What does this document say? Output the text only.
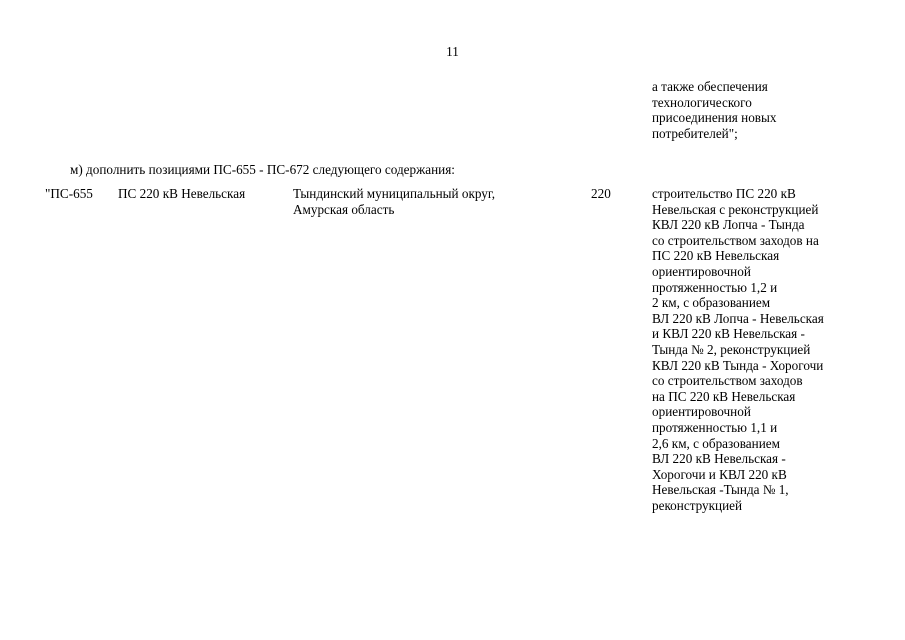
11
а также обеспечения
технологического
присоединения новых
потребителей";
м) дополнить позициями ПС-655 - ПС-672 следующего содержания:
"ПС-655 ПС 220 кВ Невельская	Тындинский муниципальный округ,
Амурская область
220	строительство ПС 220 кВ
Невельская с реконструкцией
КВЛ 220 кВ Лопча - Тында
со строительством заходов на
ПС 220 кВ Невельская
ориентировочной
протяженностью 1,2 и
2 км, с образованием
ВЛ 220 кВ Лопча - Невельская
и КВЛ 220 кВ Невельская -
Тында № 2, реконструкцией
КВЛ 220 кВ Тында - Хорогочи
со строительством заходов
на ПС 220 кВ Невельская
ориентировочной
протяженностью 1,1 и
2,6 км, с образованием
ВЛ 220 кВ Невельская -
Хорогочи и КВЛ 220 кВ
Невельская -Тында № 1,
реконструкцией
